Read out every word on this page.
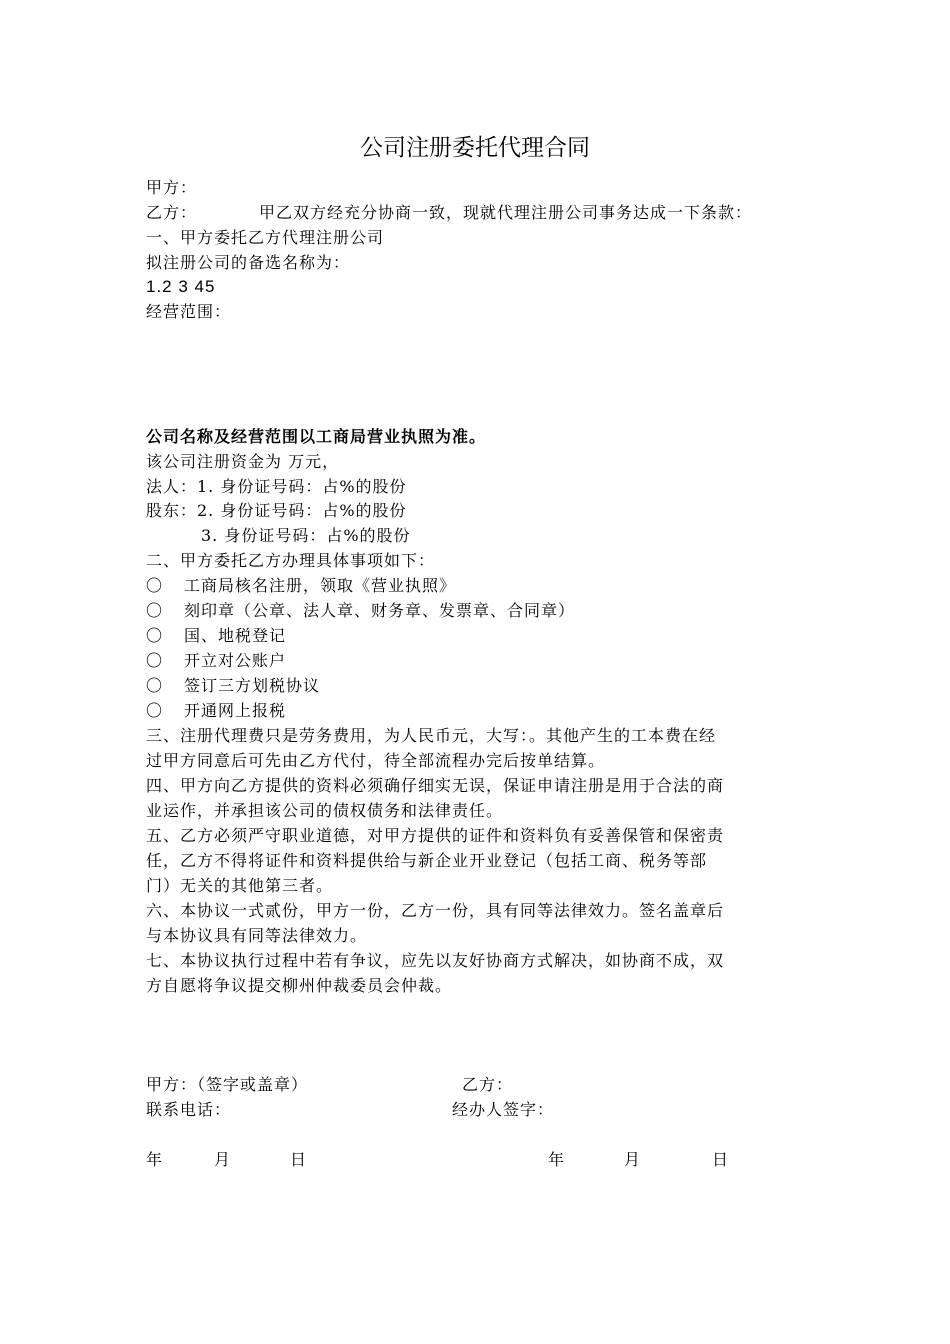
公司注册委托代理合同
甲方：
乙方：	甲乙双方经充分协商一致，现就代理注册公司事务达成一下条款：
一、甲方委托乙方代理注册公司
拟注册公司的备选名称为：
1.2 3 45
经营范围：
公司名称及经营范围以工商局营业执照为准。
该公司注册资金为 万元，
法人：1. 身份证号码：占%的股份
股东：2. 身份证号码：占%的股份
3. 身份证号码：占%的股份
二、甲方委托乙方办理具体事项如下：
〇 工商局核名注册，领取《营业执照》
〇 刻印章（公章、法人章、财务章、发票章、合同章）
〇 国、地税登记
〇 开立对公账户
〇 签订三方划税协议
〇 开通网上报税
三、注册代理费只是劳务费用，为人民币元，大写：。其他产生的工本费在经
过甲方同意后可先由乙方代付，待全部流程办完后按单结算。
四、甲方向乙方提供的资料必须确仔细实无误，保证申请注册是用于合法的商
业运作，并承担该公司的债权债务和法律责任。
五、乙方必须严守职业道德，对甲方提供的证件和资料负有妥善保管和保密责
任，乙方不得将证件和资料提供给与新企业开业登记（包括工商、税务等部
门）无关的其他第三者。
六、本协议一式贰份，甲方一份，乙方一份，具有同等法律效力。签名盖章后
与本协议具有同等法律效力。
七、本协议执行过程中若有争议，应先以友好协商方式解决，如协商不成，双
方自愿将争议提交柳州仲裁委员会仲裁。
甲方：（签字或盖章）	乙方：
联系电话：	经办人签字：
年	月	日	年	月	日
